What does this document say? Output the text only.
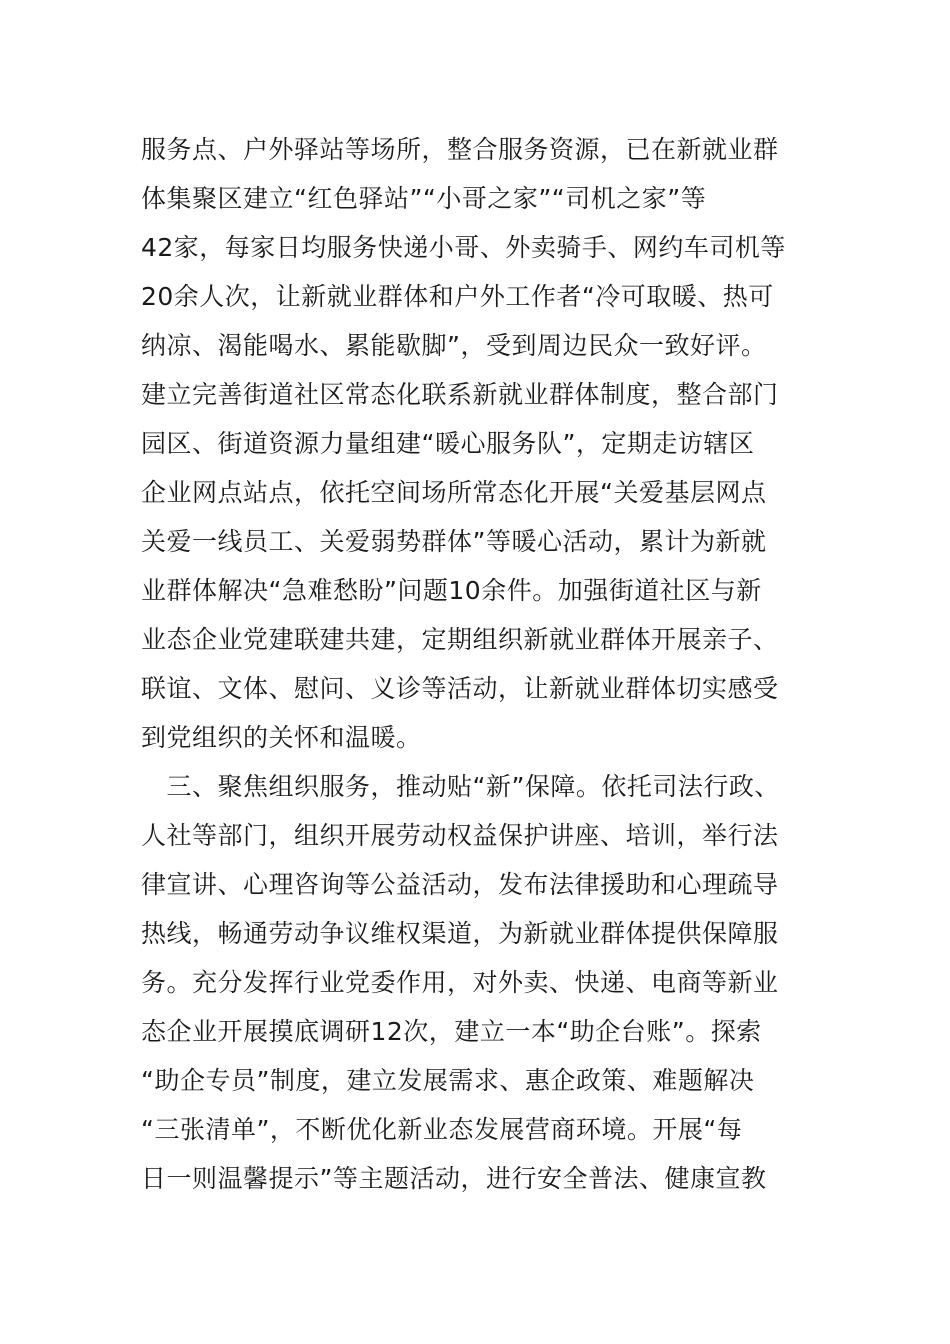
服务点、户外驿站等场所，整合服务资源，已在新就业群
体集聚区建立“红色驿站”“小哥之家”“司机之家”等
42家，每家日均服务快递小哥、外卖骑手、网约车司机等
20余人次，让新就业群体和户外工作者“冷可取暖、热可
纳凉、渴能喝水、累能歇脚”，受到周边民众一致好评。
建立完善街道社区常态化联系新就业群体制度，整合部门
园区、街道资源力量组建“暖心服务队”，定期走访辖区
企业网点站点，依托空间场所常态化开展“关爱基层网点
关爱一线员工、关爱弱势群体”等暖心活动，累计为新就
业群体解决“急难愁盼”问题10余件。加强街道社区与新
业态企业党建联建共建，定期组织新就业群体开展亲子、
联谊、文体、慰问、义诊等活动，让新就业群体切实感受
到党组织的关怀和温暖。
　三、聚焦组织服务，推动贴“新”保障。依托司法行政、
人社等部门，组织开展劳动权益保护讲座、培训，举行法
律宣讲、心理咨询等公益活动，发布法律援助和心理疏导
热线，畅通劳动争议维权渠道，为新就业群体提供保障服
务。充分发挥行业党委作用，对外卖、快递、电商等新业
态企业开展摸底调研12次，建立一本“助企台账”。探索
“助企专员”制度，建立发展需求、惠企政策、难题解决
“三张清单”，不断优化新业态发展营商环境。开展“每
日一则温馨提示”等主题活动，进行安全普法、健康宣教
